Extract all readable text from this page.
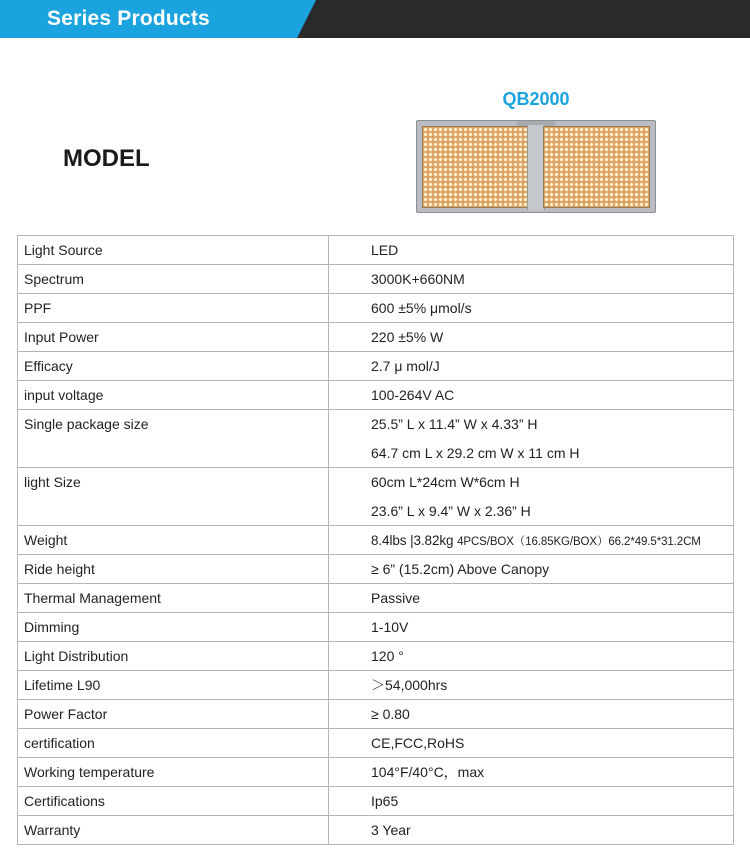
Series Products
MODEL
QB2000
Light Source	LED
Spectrum	3000K+660NM
PPF	600 ±5% μmol/s
Input Power	220 ±5% W
Efficacy	2.7 μ mol/J
input voltage	100-264V AC
Single package size	25.5” L x 11.4” W x 4.33” H
64.7 cm L x 29.2 cm W x 11 cm H

light Size	60cm L*24cm W*6cm H
23.6” L x 9.4” W x 2.36” H

Weight	8.4lbs |3.82kg 4PCS/BOX（16.85KG/BOX）66.2*49.5*31.2CM
Ride height	≥ 6” (15.2cm) Above Canopy
Thermal Management	Passive
Dimming	1-10V
Light Distribution	120 °
Lifetime L90	＞54,000hrs
Power Factor	≥ 0.80
certification	CE,FCC,RoHS
Working temperature	104°F/40°C，max
Certifications	Ip65
Warranty	3 Year
